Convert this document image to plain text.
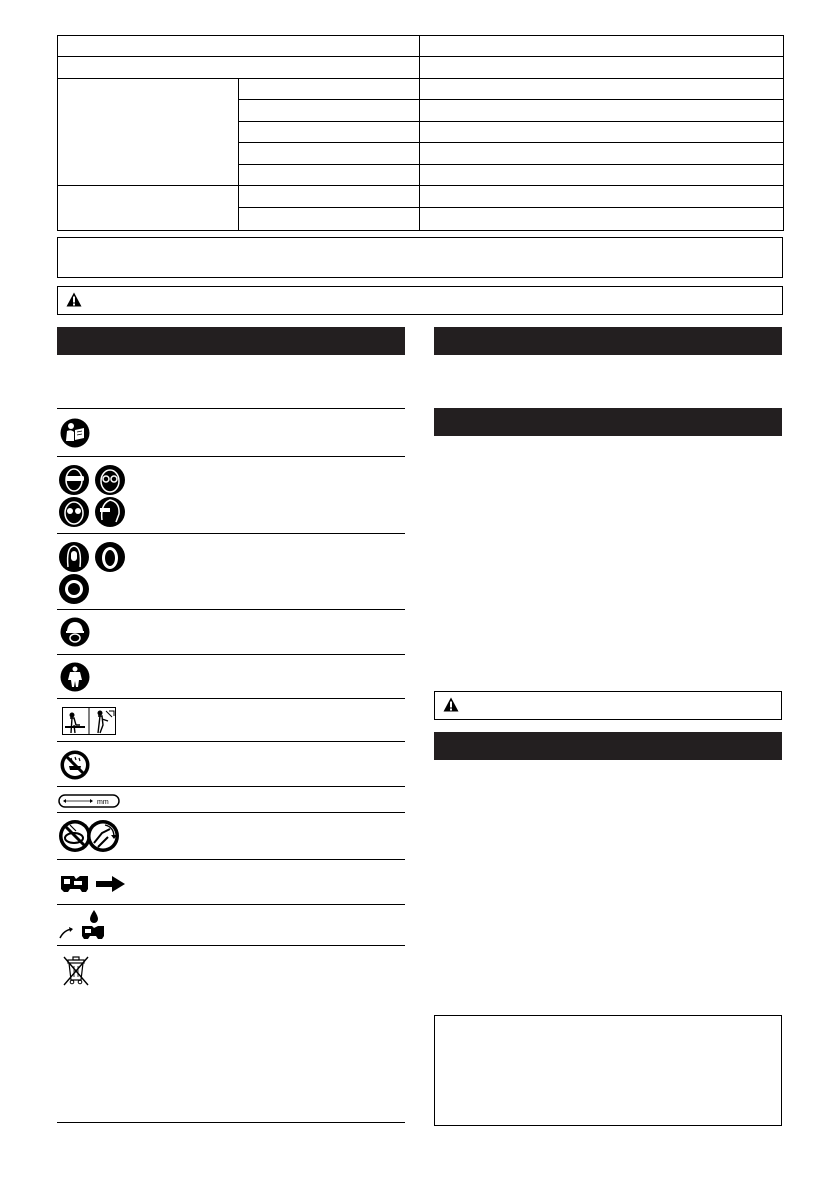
mm
